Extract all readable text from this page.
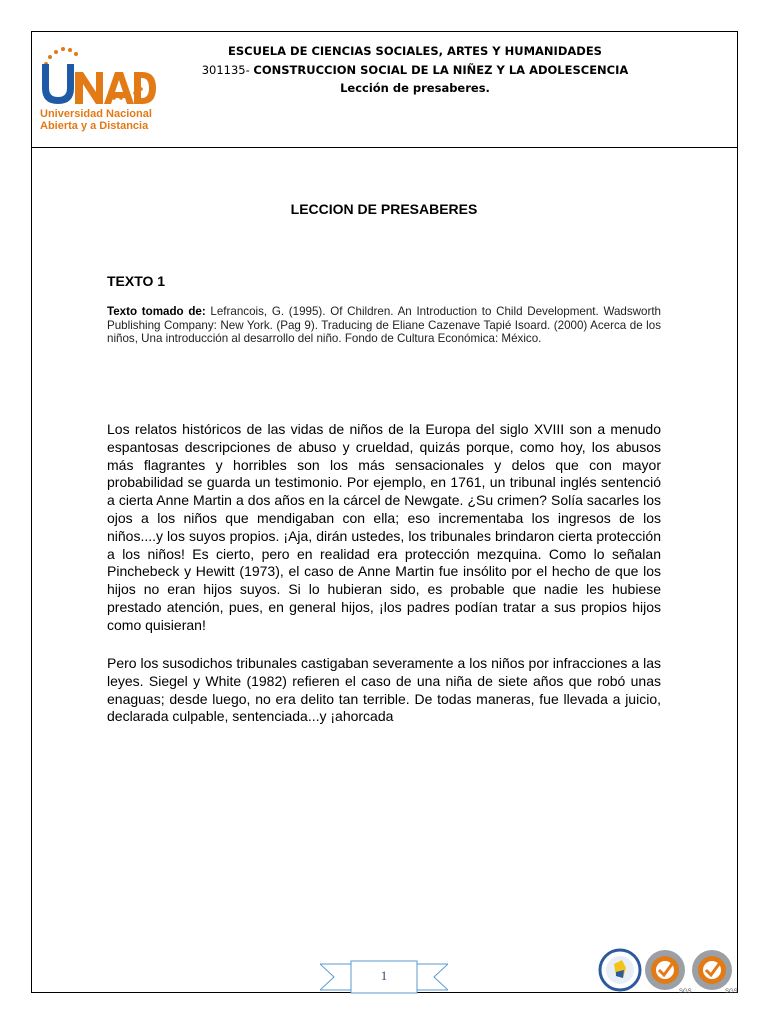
Universidad Nacional
Abierta y a Distancia
ESCUELA DE CIENCIAS SOCIALES, ARTES Y HUMANIDADES
301135- CONSTRUCCION SOCIAL DE LA NIÑEZ Y LA ADOLESCENCIA
Lección de presaberes.
LECCION DE PRESABERES
TEXTO 1
Texto tomado de: Lefrancois, G. (1995). Of Children. An Introduction to Child Development. Wadsworth Publishing Company: New York. (Pag 9). Traducing de Eliane Cazenave Tapié Isoard. (2000) Acerca de los niños, Una introducción al desarrollo del niño. Fondo de Cultura Económica: México.
Los relatos históricos de las vidas de niños de la Europa del siglo XVIII son a menudo espantosas descripciones de abuso y crueldad, quizás porque, como hoy, los abusos más flagrantes y horribles son los más sensacionales y delos que con mayor probabilidad se guarda un testimonio. Por ejemplo, en 1761, un tribunal inglés sentenció a cierta Anne Martin a dos años en la cárcel de Newgate. ¿Su crimen? Solía sacarles los ojos a los niños que mendigaban con ella; eso incrementaba los ingresos de los niños....y los suyos propios. ¡Aja, dirán ustedes, los tribunales brindaron cierta protección a los niños! Es cierto, pero en realidad era protección mezquina. Como lo señalan Pinchebeck y Hewitt (1973), el caso de Anne Martin fue insólito por el hecho de que los hijos no eran hijos suyos. Si lo hubieran sido, es probable que nadie les hubiese prestado atención, pues, en general hijos, ¡los padres podían tratar a sus propios hijos como quisieran!
Pero los susodichos tribunales castigaban severamente a los niños por infracciones a las leyes. Siegel y White (1982) refieren el caso de una niña de siete años que robó unas enaguas; desde luego, no era delito tan terrible. De todas maneras, fue llevada a juicio, declarada culpable, sentenciada...y ¡ahorcada
1
SGS	SGS
